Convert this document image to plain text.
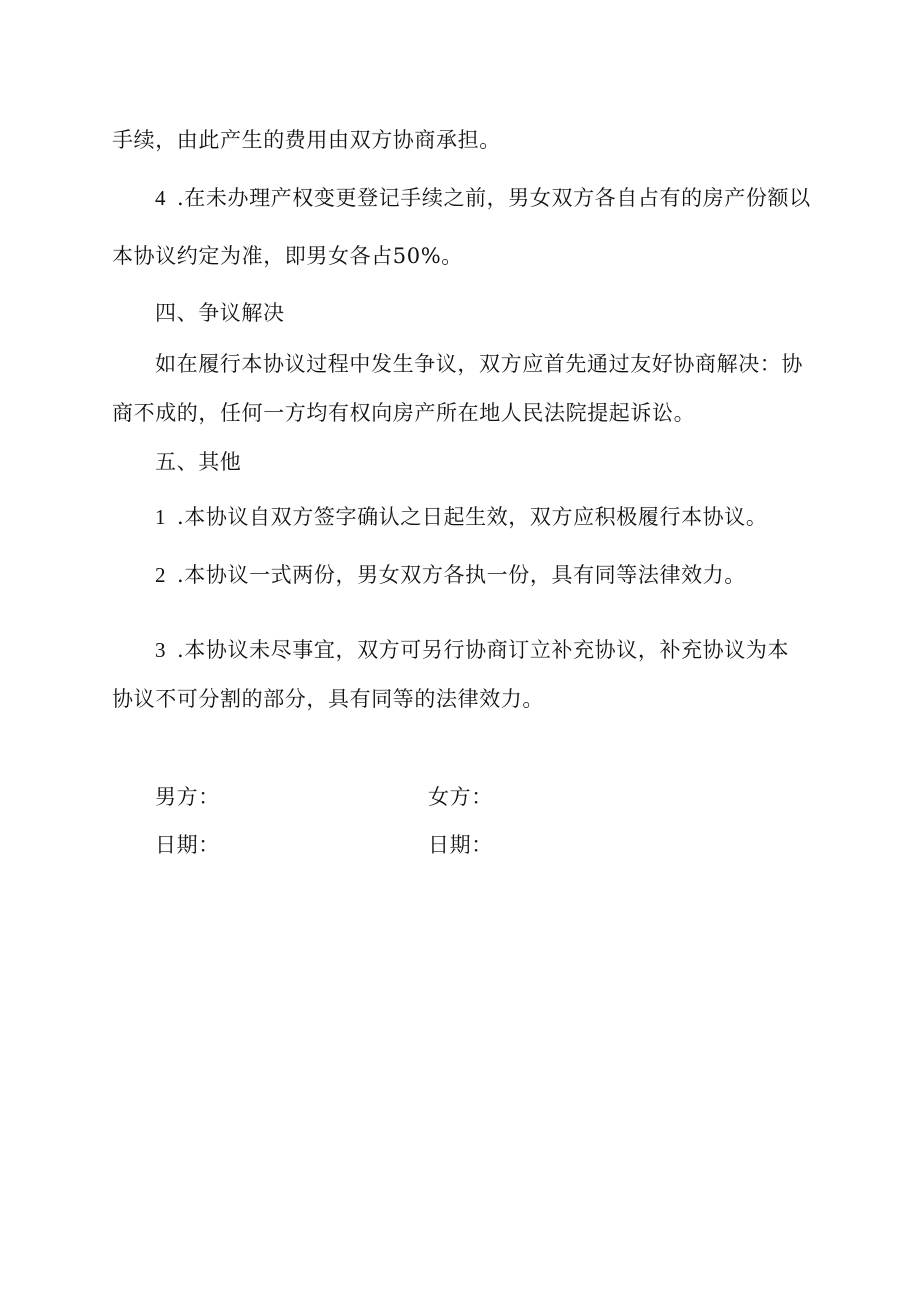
手续，由此产生的费用由双方协商承担。
4 .在未办理产权变更登记手续之前，男女双方各自占有的房产份额以
本协议约定为准，即男女各占50%。
四、争议解决
如在履行本协议过程中发生争议，双方应首先通过友好协商解决：协
商不成的，任何一方均有权向房产所在地人民法院提起诉讼。
五、其他
1 .本协议自双方签字确认之日起生效，双方应积极履行本协议。
2 .本协议一式两份，男女双方各执一份，具有同等法律效力。
3 .本协议未尽事宜，双方可另行协商订立补充协议，补充协议为本
协议不可分割的部分，具有同等的法律效力。
男方：	女方：
日期：	日期：
